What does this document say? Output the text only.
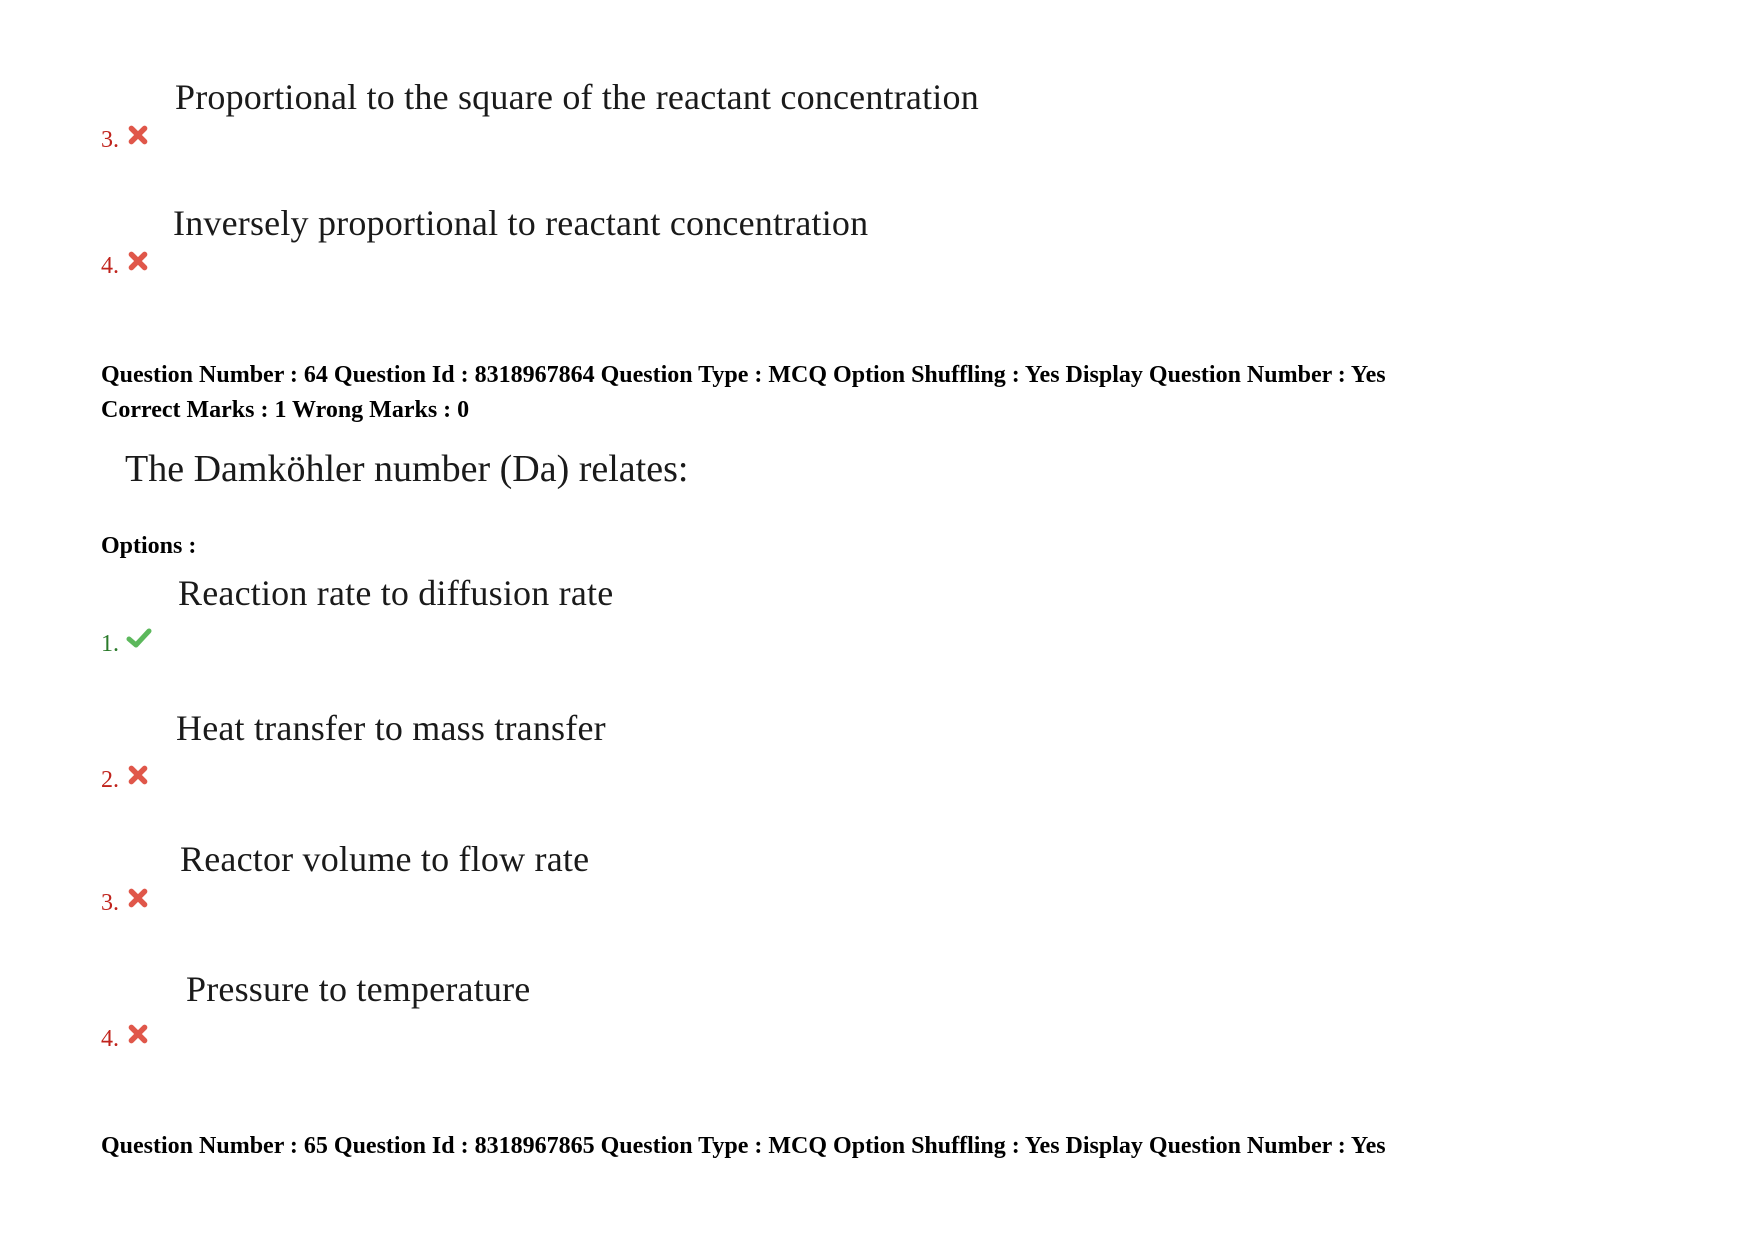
Proportional to the square of the reactant concentration
3.
Inversely proportional to reactant concentration
4.
Question Number : 64 Question Id : 8318967864 Question Type : MCQ Option Shuffling : Yes Display Question Number : Yes
Correct Marks : 1 Wrong Marks : 0
The Damköhler number (Da) relates:
Options :
Reaction rate to diffusion rate
1.
Heat transfer to mass transfer
2.
Reactor volume to flow rate
3.
Pressure to temperature
4.
Question Number : 65 Question Id : 8318967865 Question Type : MCQ Option Shuffling : Yes Display Question Number : Yes
